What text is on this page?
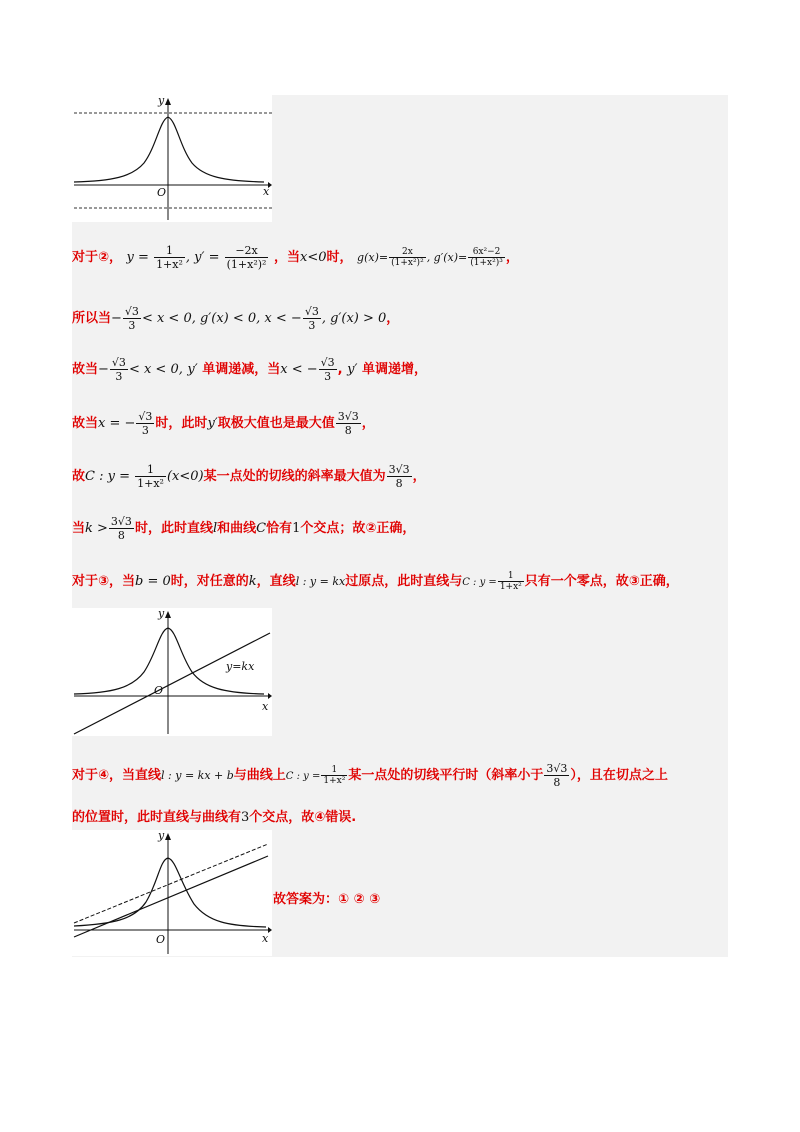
y
x
O
对于②， $y = \frac{1}{\text{1+x²}}$ , $y' = \frac{-2x}{\text{(1+x²)²}}$ ，当x<0时， $g(x)= \frac{2x}{\text{(1+x²)²}}$ , $g'(x)= \frac{\text{6x²−2}}{\text{(1+x²)³}}$ ，
所以当− $\frac{√3}{3} < x < 0$, g′(x) < 0, x < − $\frac{√3}{3}$ , g′(x) > 0，
故当− $\frac{√3}{3} < x < 0$, y′ 单调递减，当x < − $\frac{√3}{3}$ , y′ 单调递增，
故当x = − $\frac{√3}{3}$ 时，此时y′取极大值也是最大值 $\frac{3√3}{8}$ ，
故C : $y = \frac{1}{\text{1+x²}} (x<0)$某一点处的切线的斜率最大值为 $\frac{3√3}{8}$ ，
当$k > \frac{3√3}{8}$ 时，此时直线l和曲线C恰有1个交点；故②正确，
对于③，当b = 0时，对任意的k，直线l : y = kx过原点，此时直线与C : $y = \frac{1}{\text{1+x²}}$ 只有一个零点，故③正确，
y
x
O
y=kx
对于④，当直线l : y = kx + b与曲线上C : $y = \frac{1}{\text{1+x²}}$ 某一点处的切线平行时（斜率小于 $\frac{3√3}{8}$ ），且在切点之上
的位置时，此时直线与曲线有3个交点，故④错误.
y
x
O
故答案为：① ② ③
